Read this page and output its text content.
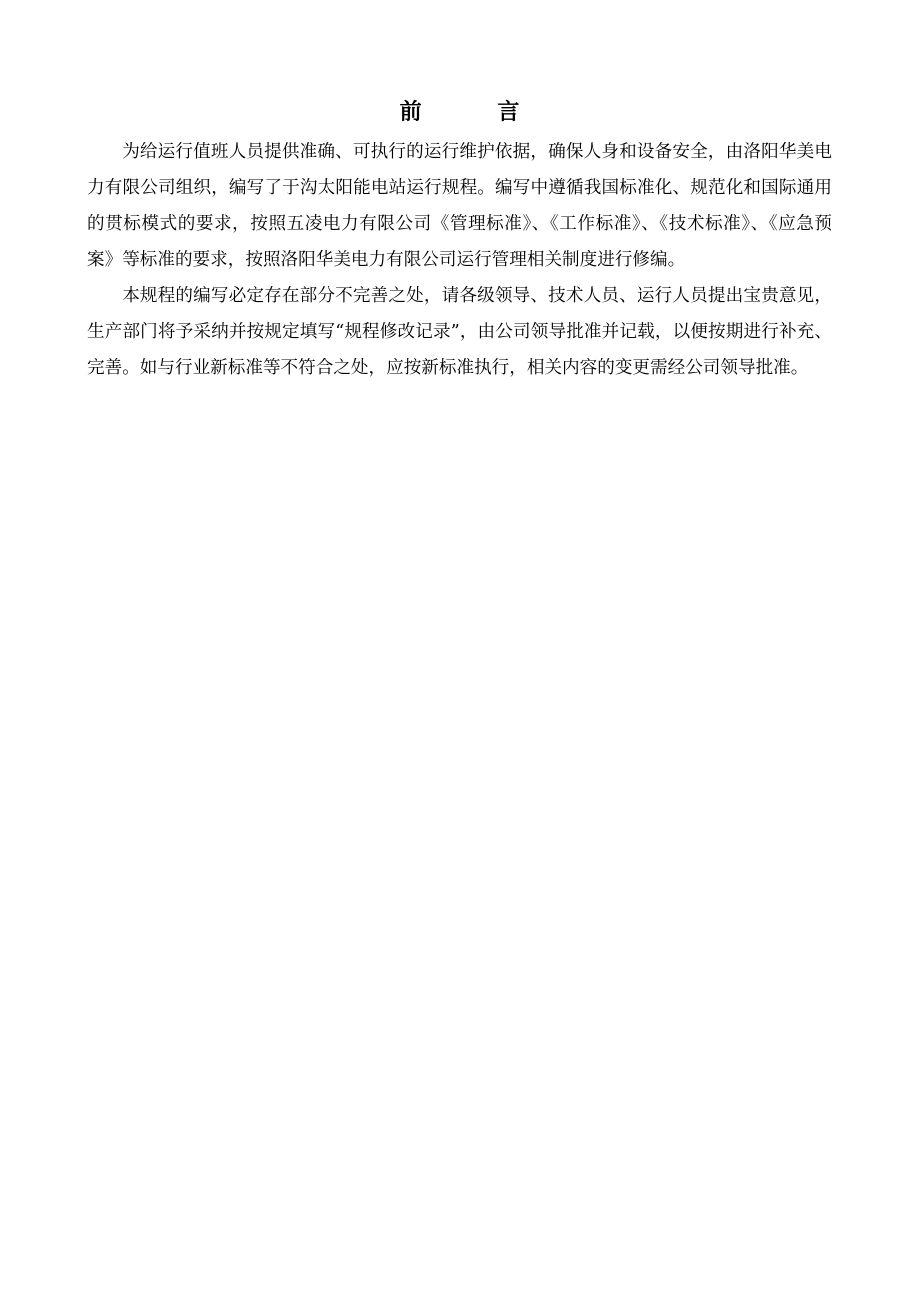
前 言

为给运行值班人员提供准确、可执行的运行维护依据，确保人身和设备安全，由洛阳华美电力有限公司组织，编写了于沟太阳能电站运行规程。编写中遵循我国标准化、规范化和国际通用的贯标模式的要求，按照五凌电力有限公司《管理标准》、《工作标准》、《技术标准》、《应急预案》等标准的要求，按照洛阳华美电力有限公司运行管理相关制度进行修编。

本规程的编写必定存在部分不完善之处，请各级领导、技术人员、运行人员提出宝贵意见，生产部门将予采纳并按规定填写“规程修改记录”，由公司领导批准并记载，以便按期进行补充、完善。如与行业新标准等不符合之处，应按新标准执行，相关内容的变更需经公司领导批准。
